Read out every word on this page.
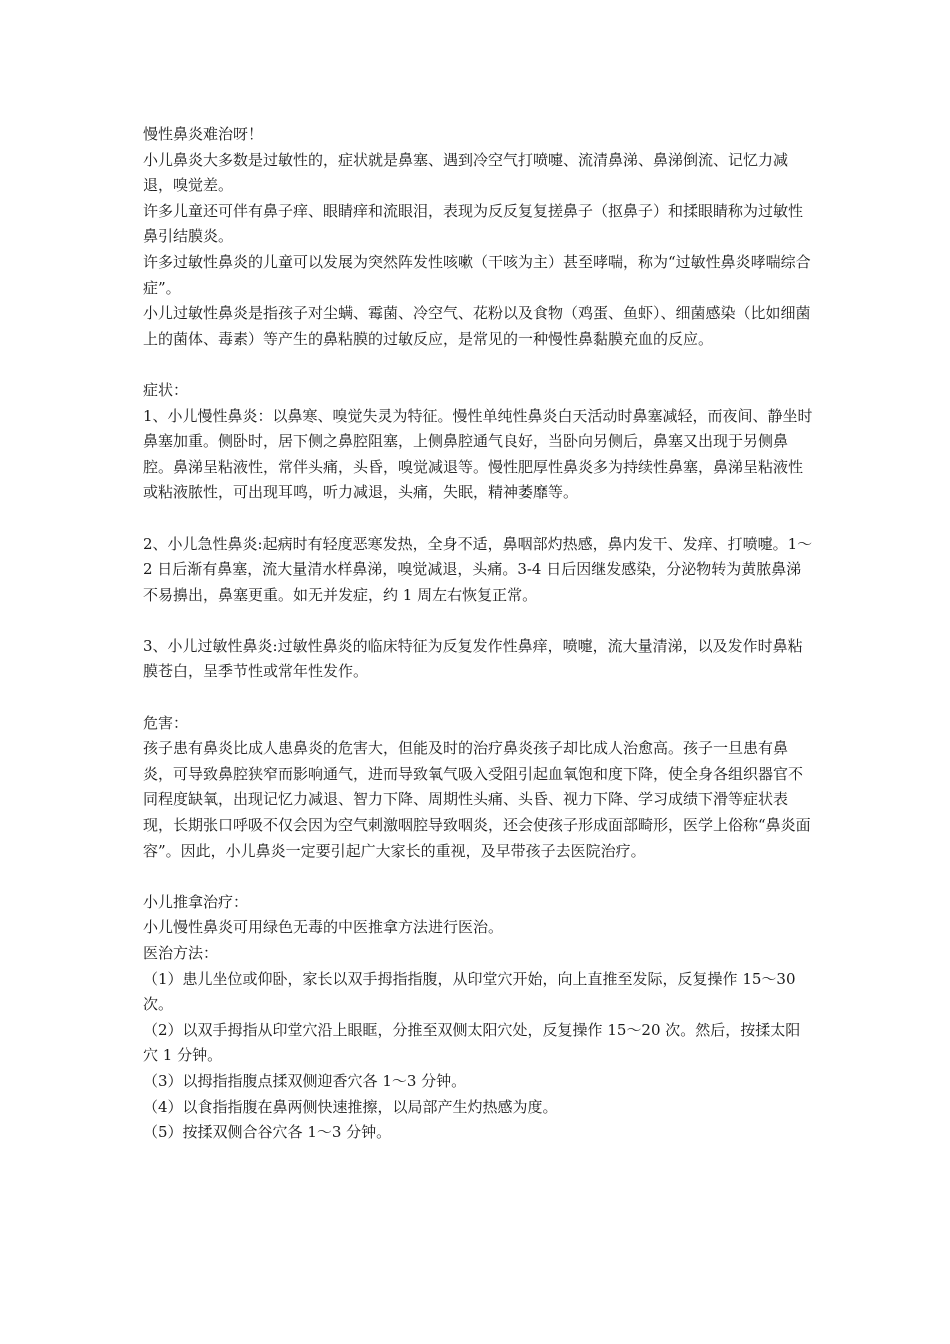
慢性鼻炎难治呀！

小儿鼻炎大多数是过敏性的，症状就是鼻塞、遇到冷空气打喷嚏、流清鼻涕、鼻涕倒流、记忆力减退，嗅觉差。

许多儿童还可伴有鼻子痒、眼睛痒和流眼泪，表现为反反复复搓鼻子（抠鼻子）和揉眼睛称为过敏性鼻引结膜炎。

许多过敏性鼻炎的儿童可以发展为突然阵发性咳嗽（干咳为主）甚至哮喘，称为“过敏性鼻炎哮喘综合症”。

小儿过敏性鼻炎是指孩子对尘螨、霉菌、冷空气、花粉以及食物（鸡蛋、鱼虾）、细菌感染（比如细菌上的菌体、毒素）等产生的鼻粘膜的过敏反应，是常见的一种慢性鼻黏膜充血的反应。

症状：

1、小儿慢性鼻炎：以鼻寒、嗅觉失灵为特征。慢性单纯性鼻炎白天活动时鼻塞减轻，而夜间、静坐时鼻塞加重。侧卧时，居下侧之鼻腔阻塞，上侧鼻腔通气良好，当卧向另侧后，鼻塞又出现于另侧鼻腔。鼻涕呈粘液性，常伴头痛，头昏，嗅觉减退等。慢性肥厚性鼻炎多为持续性鼻塞，鼻涕呈粘液性或粘液脓性，可出现耳鸣，听力减退，头痛，失眠，精神萎靡等。

2、小儿急性鼻炎:起病时有轻度恶寒发热，全身不适，鼻咽部灼热感，鼻内发干、发痒、打喷嚏。1～2 日后渐有鼻塞，流大量清水样鼻涕，嗅觉减退，头痛。3-4 日后因继发感染，分泌物转为黄脓鼻涕不易擤出，鼻塞更重。如无并发症，约 1 周左右恢复正常。

3、小儿过敏性鼻炎:过敏性鼻炎的临床特征为反复发作性鼻痒，喷嚏，流大量清涕，以及发作时鼻粘膜苍白，呈季节性或常年性发作。

危害：

孩子患有鼻炎比成人患鼻炎的危害大，但能及时的治疗鼻炎孩子却比成人治愈高。孩子一旦患有鼻炎，可导致鼻腔狭窄而影响通气，进而导致氧气吸入受阻引起血氧饱和度下降，使全身各组织器官不同程度缺氧，出现记忆力减退、智力下降、周期性头痛、头昏、视力下降、学习成绩下滑等症状表现，长期张口呼吸不仅会因为空气刺激咽腔导致咽炎，还会使孩子形成面部畸形，医学上俗称“鼻炎面容”。因此，小儿鼻炎一定要引起广大家长的重视，及早带孩子去医院治疗。

小儿推拿治疗：

小儿慢性鼻炎可用绿色无毒的中医推拿方法进行医治。

医治方法：

（1）患儿坐位或仰卧，家长以双手拇指指腹，从印堂穴开始，向上直推至发际，反复操作 15～30 次。

（2）以双手拇指从印堂穴沿上眼眶，分推至双侧太阳穴处，反复操作 15～20 次。然后，按揉太阳穴 1 分钟。

（3）以拇指指腹点揉双侧迎香穴各 1～3 分钟。

（4）以食指指腹在鼻两侧快速推擦，以局部产生灼热感为度。

（5）按揉双侧合谷穴各 1～3 分钟。
